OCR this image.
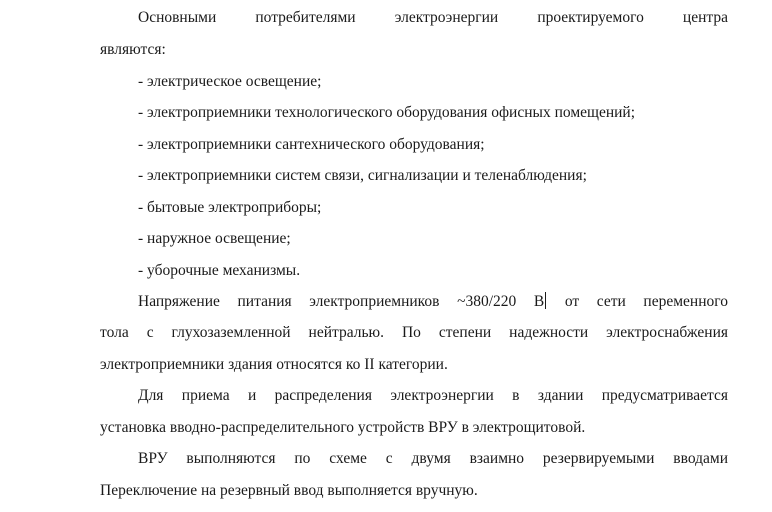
Основными потребителями электроэнергии проектируемого центра
являются:
- электрическое освещение;
- электроприемники технологического оборудования офисных помещений;
- электроприемники сантехнического оборудования;
- электроприемники систем связи, сигнализации и теленаблюдения;
- бытовые электроприборы;
- наружное освещение;
- уборочные механизмы.
Напряжение питания электроприемников ~380/220 В от сети переменного
тола с глухозаземленной нейтралью. По степени надежности электроснабжения
электроприемники здания относятся ко II категории.
Для приема и распределения электроэнергии в здании предусматривается
установка вводно-распределительного устройств ВРУ в электрощитовой.
ВРУ выполняются по схеме с двумя взаимно резервируемыми вводами
Переключение на резервный ввод выполняется вручную.
